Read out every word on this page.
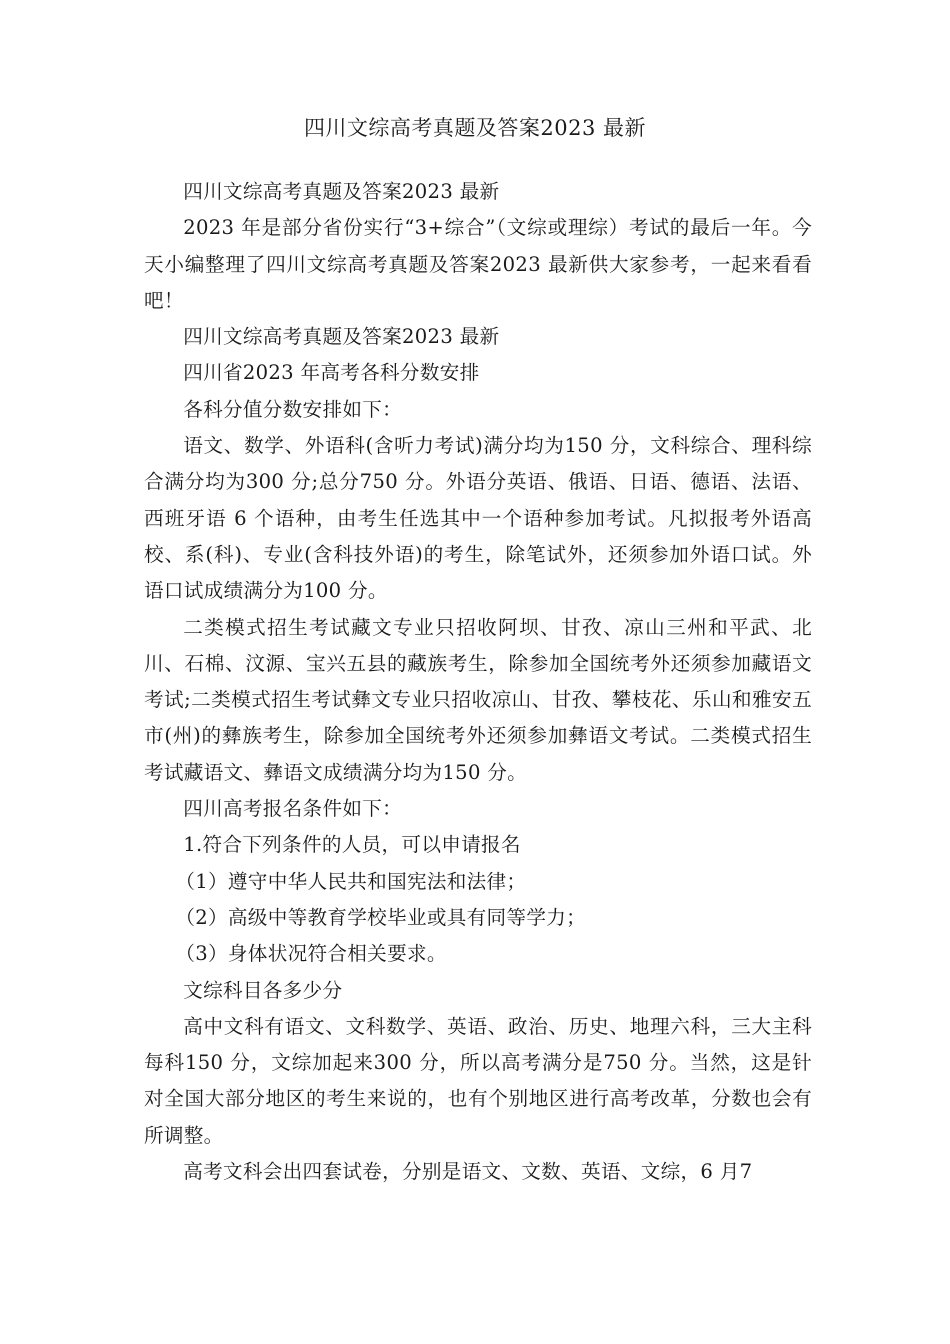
四川文综高考真题及答案2023 最新

四川文综高考真题及答案2023 最新

2023 年是部分省份实行“3+综合”（文综或理综）考试的最后一年。今天小编整理了四川文综高考真题及答案2023 最新供大家参考，一起来看看吧！

四川文综高考真题及答案2023 最新

四川省2023 年高考各科分数安排

各科分值分数安排如下：

语文、数学、外语科(含听力考试)满分均为150 分，文科综合、理科综合满分均为300 分;总分750 分。外语分英语、俄语、日语、德语、法语、西班牙语 6 个语种，由考生任选其中一个语种参加考试。凡拟报考外语高校、系(科)、专业(含科技外语)的考生，除笔试外，还须参加外语口试。外语口试成绩满分为100 分。

二类模式招生考试藏文专业只招收阿坝、甘孜、凉山三州和平武、北川、石棉、汶源、宝兴五县的藏族考生，除参加全国统考外还须参加藏语文考试;二类模式招生考试彝文专业只招收凉山、甘孜、攀枝花、乐山和雅安五市(州)的彝族考生，除参加全国统考外还须参加彝语文考试。二类模式招生考试藏语文、彝语文成绩满分均为150 分。

四川高考报名条件如下：

1.符合下列条件的人员，可以申请报名

（1）遵守中华人民共和国宪法和法律；

（2）高级中等教育学校毕业或具有同等学力；

（3）身体状况符合相关要求。

文综科目各多少分

高中文科有语文、文科数学、英语、政治、历史、地理六科，三大主科每科150 分，文综加起来300 分，所以高考满分是750 分。当然，这是针对全国大部分地区的考生来说的，也有个别地区进行高考改革，分数也会有所调整。

高考文科会出四套试卷，分别是语文、文数、英语、文综，6 月7
